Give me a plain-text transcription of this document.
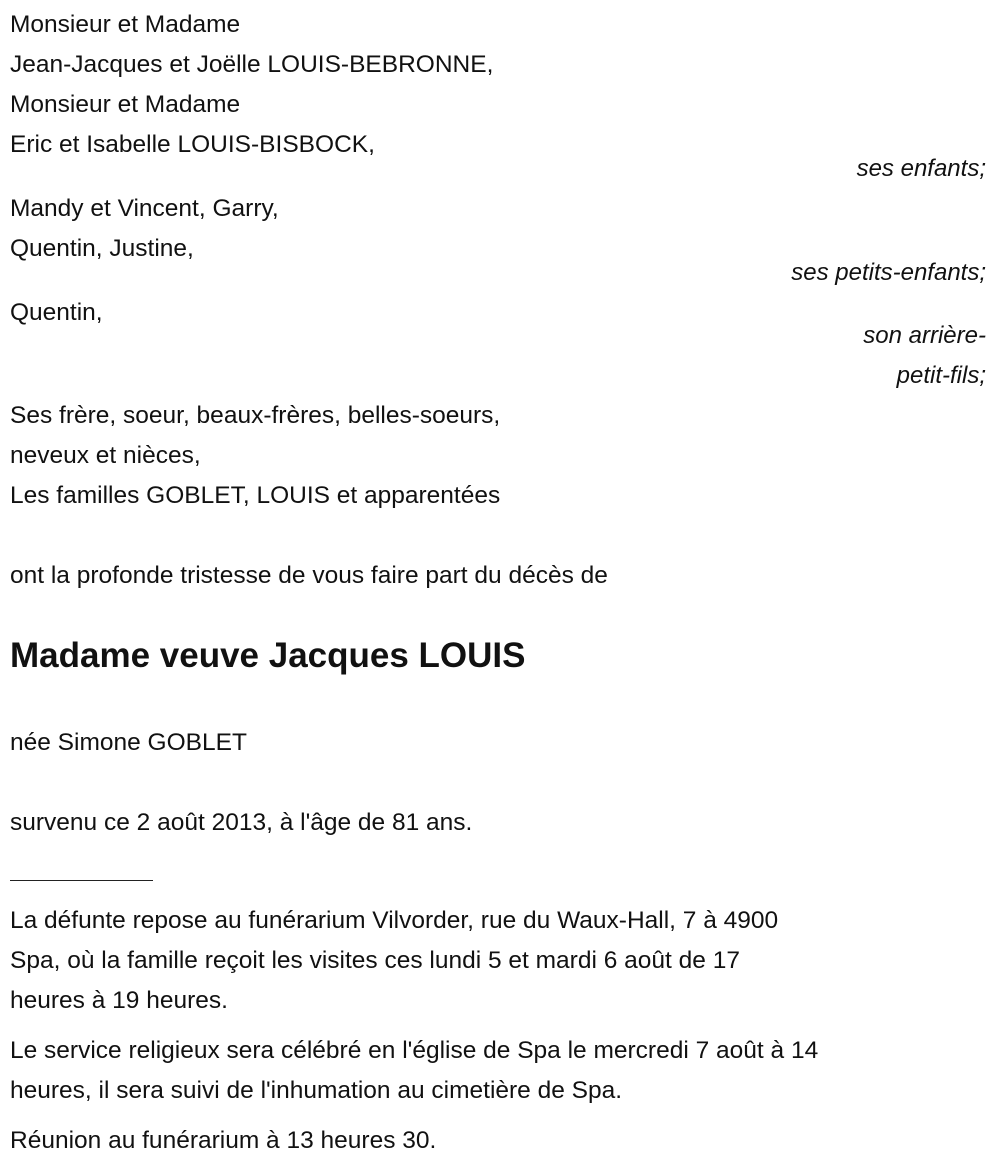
Monsieur et Madame
Jean-Jacques et Joëlle LOUIS-BEBRONNE,
Monsieur et Madame
Eric et Isabelle LOUIS-BISBOCK,
ses enfants;
Mandy et Vincent, Garry,
Quentin, Justine,
ses petits-enfants;
Quentin,
son arrière-
petit-fils;
Ses frère, soeur, beaux-frères, belles-soeurs,
neveux et nièces,
Les familles GOBLET, LOUIS et apparentées
ont la profonde tristesse de vous faire part du décès de
Madame veuve Jacques LOUIS
née Simone GOBLET
survenu ce 2 août 2013, à l'âge de 81 ans.
La défunte repose au funérarium Vilvorder, rue du Waux-Hall, 7 à 4900
Spa, où la famille reçoit les visites ces lundi 5 et mardi 6 août de 17
heures à 19 heures.
Le service religieux sera célébré en l'église de Spa le mercredi 7 août à 14
heures, il sera suivi de l'inhumation au cimetière de Spa.
Réunion au funérarium à 13 heures 30.
